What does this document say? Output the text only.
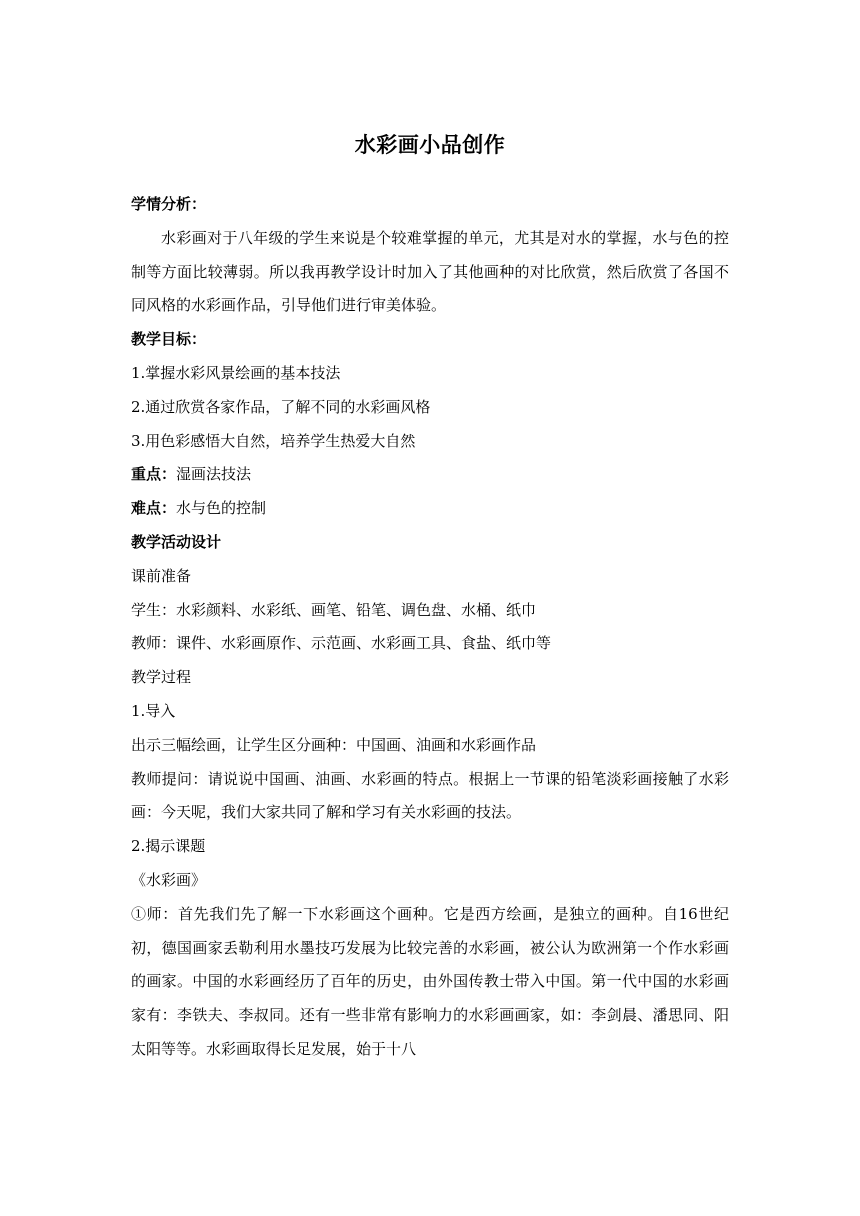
水彩画小品创作

学情分析：

水彩画对于八年级的学生来说是个较难掌握的单元，尤其是对水的掌握，水与色的控制等方面比较薄弱。所以我再教学设计时加入了其他画种的对比欣赏，然后欣赏了各国不同风格的水彩画作品，引导他们进行审美体验。

教学目标：

1.掌握水彩风景绘画的基本技法

2.通过欣赏各家作品，了解不同的水彩画风格

3.用色彩感悟大自然，培养学生热爱大自然

重点：湿画法技法

难点：水与色的控制

教学活动设计

课前准备

学生：水彩颜料、水彩纸、画笔、铅笔、调色盘、水桶、纸巾

教师：课件、水彩画原作、示范画、水彩画工具、食盐、纸巾等

教学过程

1.导入

出示三幅绘画，让学生区分画种：中国画、油画和水彩画作品

教师提问：请说说中国画、油画、水彩画的特点。根据上一节课的铅笔淡彩画接触了水彩画：今天呢，我们大家共同了解和学习有关水彩画的技法。

2.揭示课题

《水彩画》

①师：首先我们先了解一下水彩画这个画种。它是西方绘画，是独立的画种。自16世纪初，德国画家丢勒利用水墨技巧发展为比较完善的水彩画，被公认为欧洲第一个作水彩画的画家。中国的水彩画经历了百年的历史，由外国传教士带入中国。第一代中国的水彩画家有：李铁夫、李叔同。还有一些非常有影响力的水彩画画家，如：李剑晨、潘思同、阳太阳等等。水彩画取得长足发展，始于十八
